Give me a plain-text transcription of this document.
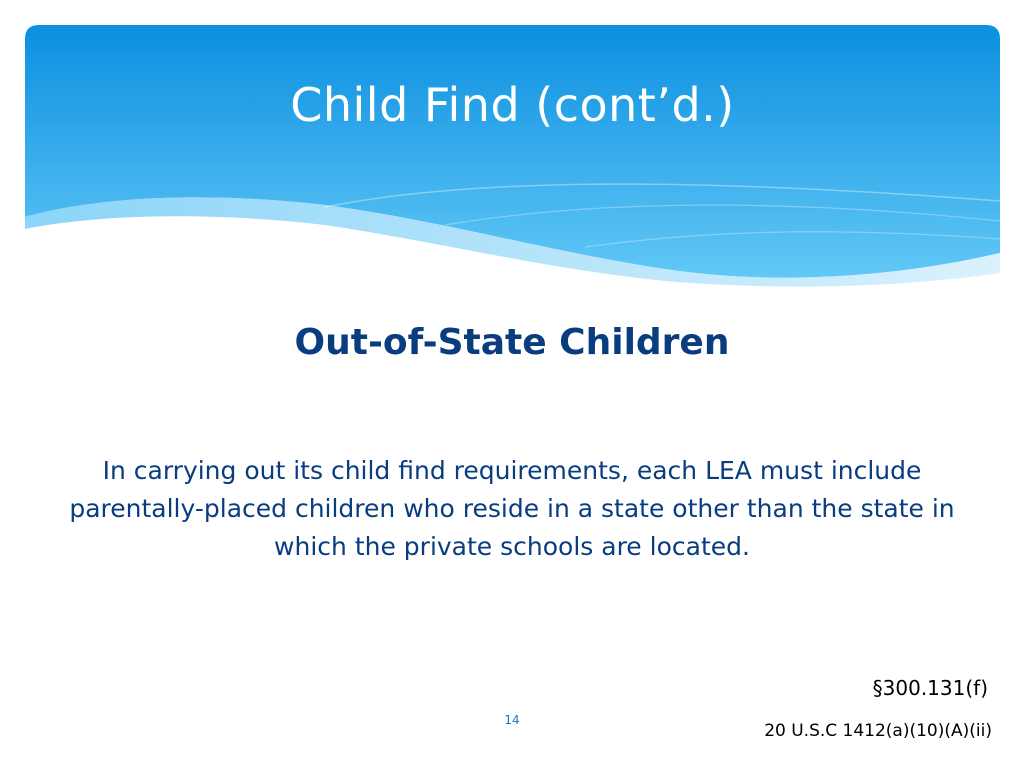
Child Find (cont’d.)
Out-of-State Children
In carrying out its child find requirements, each LEA must include parentally-placed children who reside in a state other than the state in which the private schools are located.
§300.131(f)
14
20 U.S.C 1412(a)(10)(A)(ii)
